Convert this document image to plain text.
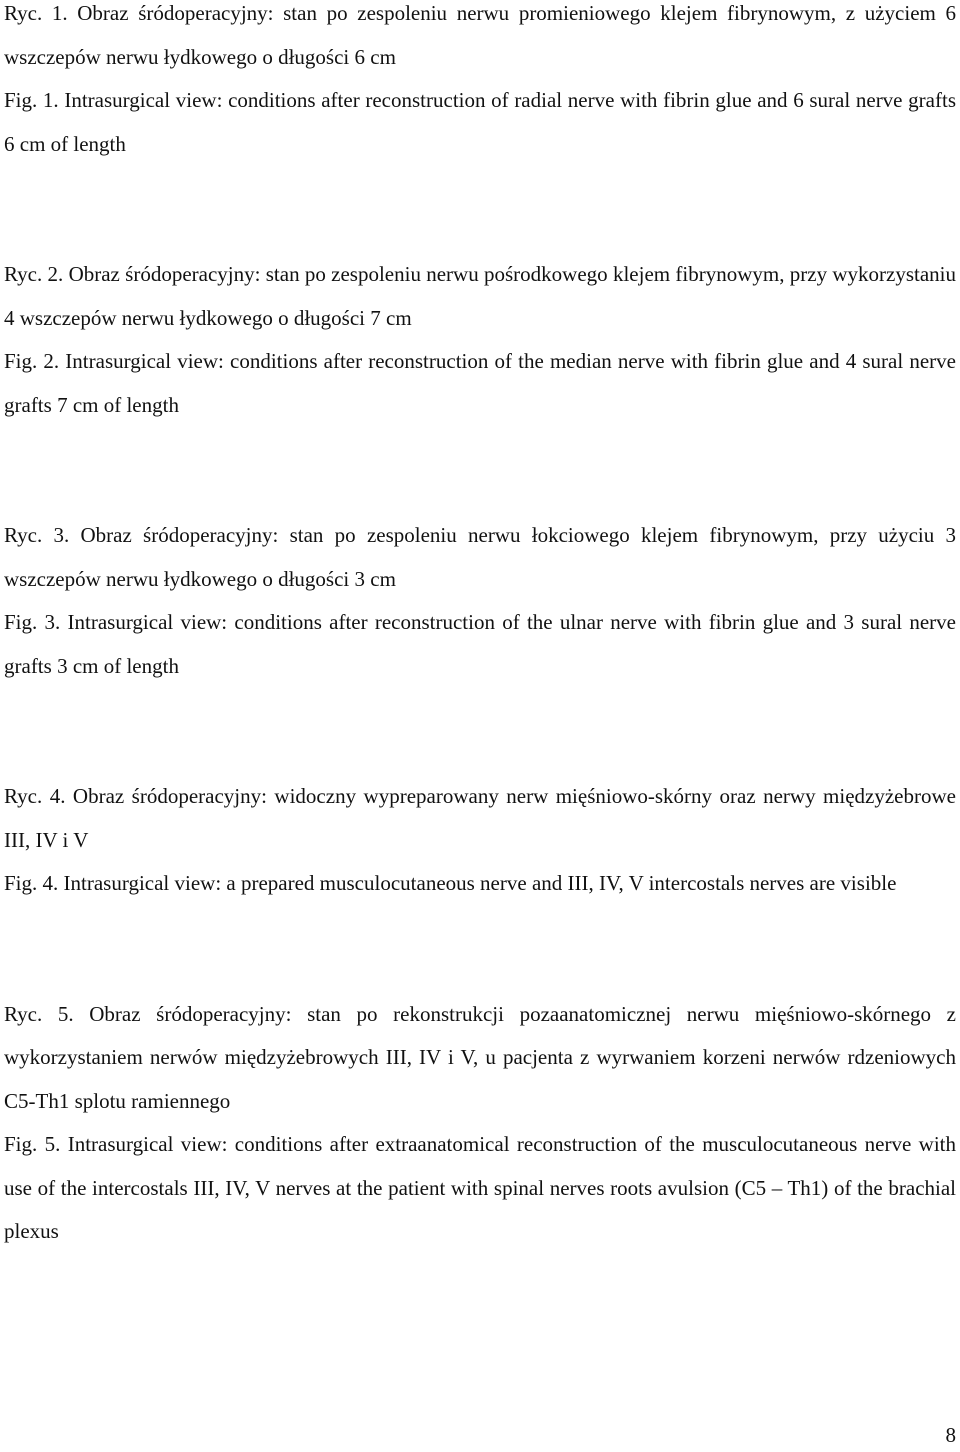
Ryc. 1. Obraz śródoperacyjny: stan po zespoleniu nerwu promieniowego klejem fibrynowym, z użyciem 6 wszczepów nerwu łydkowego o długości 6 cm

Fig. 1. Intrasurgical view: conditions after reconstruction of radial nerve with fibrin glue and 6 sural nerve grafts 6 cm of length

Ryc. 2. Obraz śródoperacyjny: stan po zespoleniu nerwu pośrodkowego klejem fibrynowym, przy wykorzystaniu 4 wszczepów nerwu łydkowego o długości 7 cm

Fig. 2. Intrasurgical view: conditions after reconstruction of the median nerve with fibrin glue and 4 sural nerve grafts 7 cm of length

Ryc. 3. Obraz śródoperacyjny: stan po zespoleniu nerwu łokciowego klejem fibrynowym, przy użyciu 3 wszczepów nerwu łydkowego o długości 3 cm

Fig. 3. Intrasurgical view: conditions after reconstruction of the ulnar nerve with fibrin glue and 3 sural nerve grafts 3 cm of length

Ryc. 4. Obraz śródoperacyjny: widoczny wypreparowany nerw mięśniowo-skórny oraz nerwy międzyżebrowe III, IV i V

Fig. 4. Intrasurgical view: a prepared musculocutaneous nerve and III, IV, V intercostals nerves are visible

Ryc. 5. Obraz śródoperacyjny: stan po rekonstrukcji pozaanatomicznej nerwu mięśniowo-skórnego z wykorzystaniem nerwów międzyżebrowych III, IV i V, u pacjenta z wyrwaniem korzeni nerwów rdzeniowych C5-Th1 splotu ramiennego

Fig. 5. Intrasurgical view: conditions after extraanatomical reconstruction of the musculocutaneous nerve with use of the intercostals III, IV, V nerves at the patient with spinal nerves roots avulsion (C5 – Th1) of the brachial plexus

8
